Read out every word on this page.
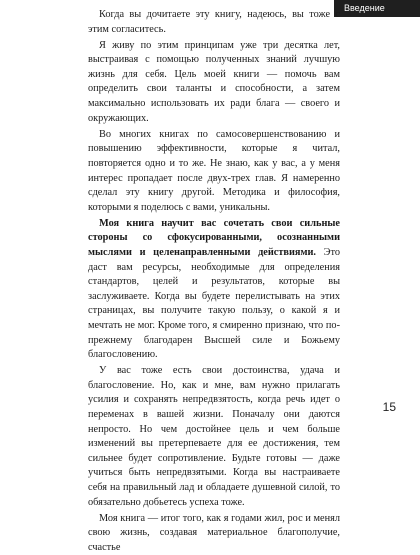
Введение

Когда вы дочитаете эту книгу, надеюсь, вы тоже с этим согласитесь.

Я живу по этим принципам уже три десятка лет, выстраивая с помощью полученных знаний лучшую жизнь для себя. Цель моей книги — помочь вам определить свои таланты и способности, а затем максимально использовать их ради блага — своего и окружающих.

Во многих книгах по самосовершенствованию и повышению эффективности, которые я читал, повторяется одно и то же. Не знаю, как у вас, а у меня интерес пропадает после двух-трех глав. Я намеренно сделал эту книгу другой. Методика и философия, которыми я поделюсь с вами, уникальны.

Моя книга научит вас сочетать свои сильные стороны со сфокусированными, осознанными мыслями и целенаправленными действиями. Это даст вам ресурсы, необходимые для определения стандартов, целей и результатов, которые вы заслуживаете. Когда вы будете перелистывать на этих страницах, вы получите такую пользу, о какой я и мечтать не мог. Кроме того, я смиренно признаю, что по-прежнему благодарен Высшей силе и Божьему благословению.

У вас тоже есть свои достоинства, удача и благословение. Но, как и мне, вам нужно прилагать усилия и сохранять непредвзятость, когда речь идет о переменах в вашей жизни. Поначалу они даются непросто. Но чем достойнее цель и чем больше изменений вы претерпеваете для ее достижения, тем сильнее будет сопротивление. Будьте готовы — даже учиться быть непредвзятыми. Когда вы настраиваете себя на правильный лад и обладаете душевной силой, то обязательно добьетесь успеха тоже.

Моя книга — итог того, как я годами жил, рос и менял свою жизнь, создавая материальное благополучие, счастье

15
